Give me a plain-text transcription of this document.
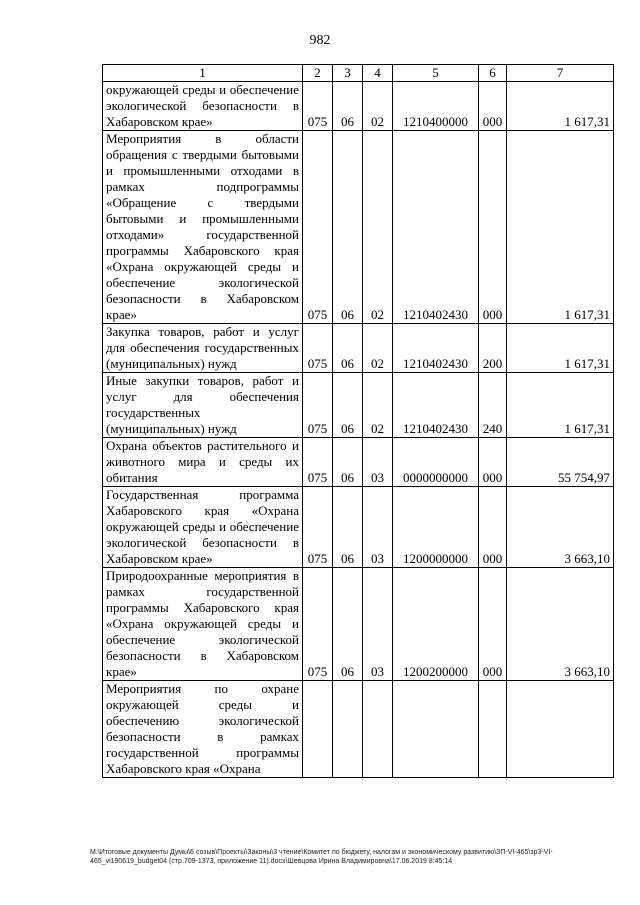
982
1	2	3	4	5	6	7
окружающей среды и обеспечение экологической безопасности в Хабаровском крае»	075	06	02	1210400000	000	1 617,31
Мероприятия в области обращения с твердыми бытовыми и промышленными отходами в рамках подпрограммы «Обращение с твердыми бытовыми и промышленными отходами» государственной программы Хабаровского края «Охрана окружающей среды и обеспечение экологической безопасности в Хабаровском крае»	075	06	02	1210402430	000	1 617,31
Закупка товаров, работ и услуг для обеспечения государственных (муниципальных) нужд	075	06	02	1210402430	200	1 617,31
Иные закупки товаров, работ и услуг для обеспечения государственных (муниципальных) нужд	075	06	02	1210402430	240	1 617,31
Охрана объектов растительного и животного мира и среды их обитания	075	06	03	0000000000	000	55 754,97
Государственная программа Хабаровского края «Охрана окружающей среды и обеспечение экологической безопасности в Хабаровском крае»	075	06	03	1200000000	000	3 663,10
Природоохранные мероприятия в рамках государственной программы Хабаровского края «Охрана окружающей среды и обеспечение экологической безопасности в Хабаровском крае»	075	06	03	1200200000	000	3 663,10
Мероприятия по охране окружающей среды и обеспечению экологической безопасности в рамках государственной программы Хабаровского края «Охрана						
M:\Итоговые документы Думы\6 созыв\Проекты\Законы\3 чтение\Комитет по бюджету, налогам и экономическому развитию\ЗП-VI-465\зр3-VI-465_vi190619_budget04 (стр.709-1373, приложение 11).docx\Шевцова Ирина Владимировна\17.06.2019 8:45:14
